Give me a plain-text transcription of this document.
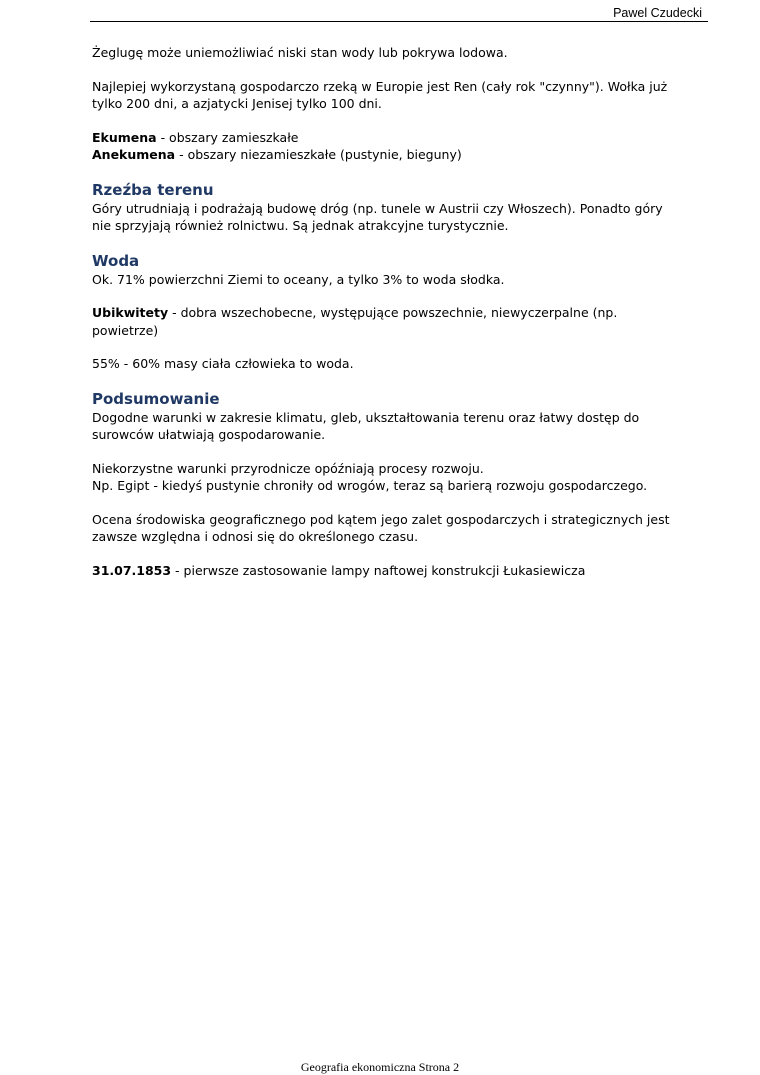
Pawel Czudecki

Żeglugę może uniemożliwiać niski stan wody lub pokrywa lodowa.

Najlepiej wykorzystaną gospodarczo rzeką w Europie jest Ren (cały rok "czynny"). Wołka już tylko 200 dni, a azjatycki Jenisej tylko 100 dni.

Ekumena - obszary zamieszkałe
Anekumena - obszary niezamieszkałe (pustynie, bieguny)

Rzeźba terenu

Góry utrudniają i podrażają budowę dróg (np. tunele w Austrii czy Włoszech). Ponadto góry nie sprzyjają również rolnictwu. Są jednak atrakcyjne turystycznie.

Woda

Ok. 71% powierzchni Ziemi to oceany, a tylko 3% to woda słodka.

Ubikwitety - dobra wszechobecne, występujące powszechnie, niewyczerpalne (np. powietrze)

55% - 60% masy ciała człowieka to woda.

Podsumowanie

Dogodne warunki w zakresie klimatu, gleb, ukształtowania terenu oraz łatwy dostęp do surowców ułatwiają gospodarowanie.

Niekorzystne warunki przyrodnicze opóźniają procesy rozwoju.
Np. Egipt - kiedyś pustynie chroniły od wrogów, teraz są barierą rozwoju gospodarczego.

Ocena środowiska geograficznego pod kątem jego zalet gospodarczych i strategicznych jest zawsze względna i odnosi się do określonego czasu.

31.07.1853 - pierwsze zastosowanie lampy naftowej konstrukcji Łukasiewicza

Geografia ekonomiczna Strona 2
